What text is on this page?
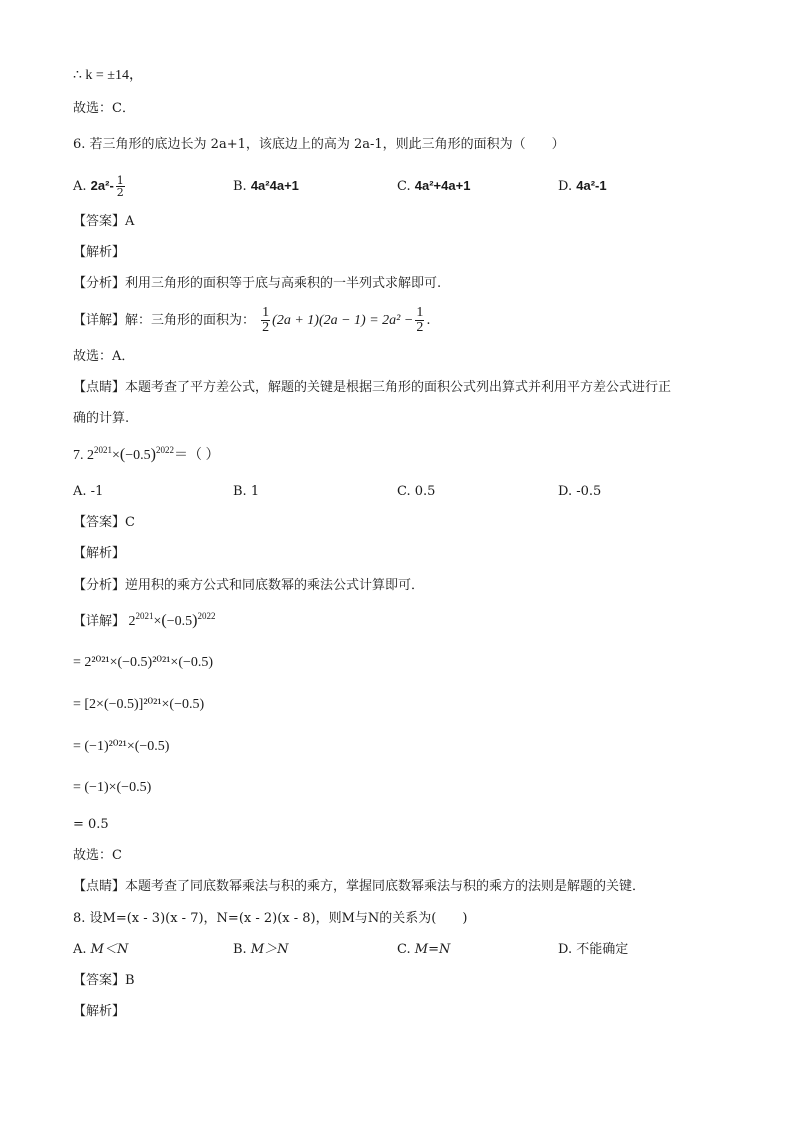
∴ k = ±14，
故选：C．
6. 若三角形的底边长为 2a+1，该底边上的高为 2a-1，则此三角形的面积为（　　）
A. $2a^2- \frac{1}{2}$	B. 4a²4a+1	C. 4a²+4a+1	D. 4a²-1
【答案】A
【解析】
【分析】利用三角形的面积等于底与高乘积的一半列式求解即可.
【详解】解：三角形的面积为： $\frac{1}{2} (2a + 1)(2a - 1) = 2a^2 - \frac{1}{2}$ .
故选：A．
【点睛】本题考查了平方差公式，解题的关键是根据三角形的面积公式列出算式并利用平方差公式进行正
确的计算.
7. $2^{2021}\times(-0.5)^{2022}=$（ ）
A. -1	B. 1	C. 0.5	D. -0.5
【答案】C
【解析】
【分析】逆用积的乘方公式和同底数幂的乘法公式计算即可．
【详解】 $2^{2021}\times(-0.5)^{2022}$
= 2²⁰²¹×(−0.5)²⁰²¹×(−0.5)
= [2×(−0.5)]²⁰²¹×(−0.5)
= (−1)²⁰²¹×(−0.5)
= (−1)×(−0.5)
= 0.5
故选：C
【点睛】本题考查了同底数幂乘法与积的乘方，掌握同底数幂乘法与积的乘方的法则是解题的关键．
8. 设M=(x - 3)(x - 7)，N=(x - 2)(x - 8)，则M与N的关系为(　　)
A. M＜N	B. M＞N	C. M=N	D. 不能确定
【答案】B
【解析】
